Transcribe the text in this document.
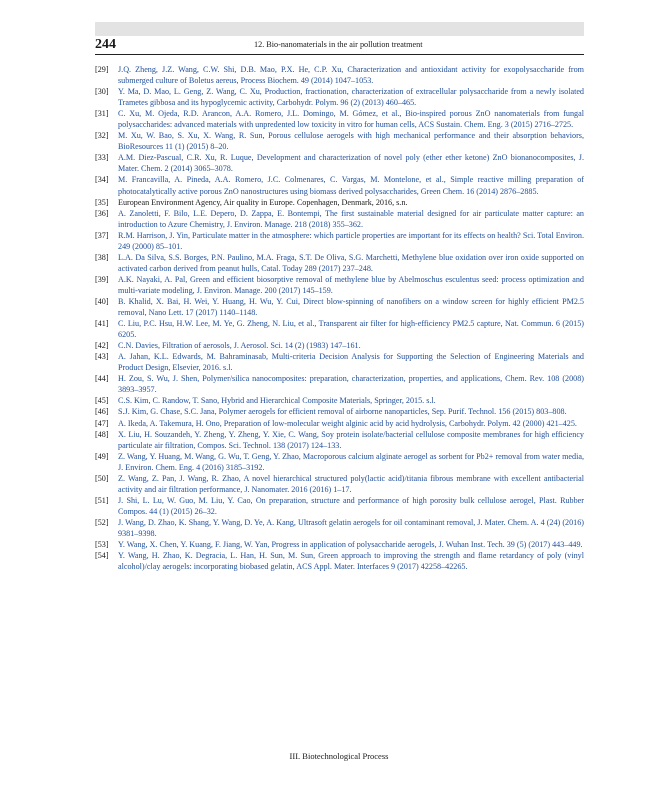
244	12. Bio-nanomaterials in the air pollution treatment
[29] J.Q. Zheng, J.Z. Wang, C.W. Shi, D.B. Mao, P.X. He, C.P. Xu, Characterization and antioxidant activity for exopolysaccharide from submerged culture of Boletus aereus, Process Biochem. 49 (2014) 1047–1053.
[30] Y. Ma, D. Mao, L. Geng, Z. Wang, C. Xu, Production, fractionation, characterization of extracellular polysaccharide from a newly isolated Trametes gibbosa and its hypoglycemic activity, Carbohydr. Polym. 96 (2) (2013) 460–465.
[31] C. Xu, M. Ojeda, R.D. Arancon, A.A. Romero, J.L. Domingo, M. Gómez, et al., Bio-inspired porous ZnO nanomaterials from fungal polysaccharides: advanced materials with unpredented low toxicity in vitro for human cells, ACS Sustain. Chem. Eng. 3 (2015) 2716–2725.
[32] M. Xu, W. Bao, S. Xu, X. Wang, R. Sun, Porous cellulose aerogels with high mechanical performance and their absorption behaviors, BioResources 11 (1) (2015) 8–20.
[33] A.M. Diez-Pascual, C.R. Xu, R. Luque, Development and characterization of novel poly (ether ether ketone) ZnO bionanocomposites, J. Mater. Chem. 2 (2014) 3065–3078.
[34] M. Francavilla, A. Pineda, A.A. Romero, J.C. Colmenares, C. Vargas, M. Montelone, et al., Simple reactive milling preparation of photocatalytically active porous ZnO nanostructures using biomass derived polysaccharides, Green Chem. 16 (2014) 2876–2885.
[35] European Environment Agency, Air quality in Europe. Copenhagen, Denmark, 2016, s.n.
[36] A. Zanoletti, F. Bilo, L.E. Depero, D. Zappa, E. Bontempi, The first sustainable material designed for air particulate matter capture: an introduction to Azure Chemistry, J. Environ. Manage. 218 (2018) 355–362.
[37] R.M. Harrison, J. Yin, Particulate matter in the atmosphere: which particle properties are important for its effects on health? Sci. Total Environ. 249 (2000) 85–101.
[38] L.A. Da Silva, S.S. Borges, P.N. Paulino, M.A. Fraga, S.T. De Oliva, S.G. Marchetti, Methylene blue oxidation over iron oxide supported on activated carbon derived from peanut hulls, Catal. Today 289 (2017) 237–248.
[39] A.K. Nayaki, A. Pal, Green and efficient biosorptive removal of methylene blue by Abelmoschus esculentus seed: process optimization and multi-variate modeling, J. Environ. Manage. 200 (2017) 145–159.
[40] B. Khalid, X. Bai, H. Wei, Y. Huang, H. Wu, Y. Cui, Direct blow-spinning of nanofibers on a window screen for highly efficient PM2.5 removal, Nano Lett. 17 (2017) 1140–1148.
[41] C. Liu, P.C. Hsu, H.W. Lee, M. Ye, G. Zheng, N. Liu, et al., Transparent air filter for high-efficiency PM2.5 capture, Nat. Commun. 6 (2015) 6205.
[42] C.N. Davies, Filtration of aerosols, J. Aerosol. Sci. 14 (2) (1983) 147–161.
[43] A. Jahan, K.L. Edwards, M. Bahraminasab, Multi-criteria Decision Analysis for Supporting the Selection of Engineering Materials and Product Design, Elsevier, 2016. s.l.
[44] H. Zou, S. Wu, J. Shen, Polymer/silica nanocomposites: preparation, characterization, properties, and applications, Chem. Rev. 108 (2008) 3893–3957.
[45] C.S. Kim, C. Randow, T. Sano, Hybrid and Hierarchical Composite Materials, Springer, 2015. s.l.
[46] S.J. Kim, G. Chase, S.C. Jana, Polymer aerogels for efficient removal of airborne nanoparticles, Sep. Purif. Technol. 156 (2015) 803–808.
[47] A. Ikeda, A. Takemura, H. Ono, Preparation of low-molecular weight alginic acid by acid hydrolysis, Carbohydr. Polym. 42 (2000) 421–425.
[48] X. Liu, H. Souzandeh, Y. Zheng, Y. Zheng, Y. Xie, C. Wang, Soy protein isolate/bacterial cellulose composite membranes for high efficiency particulate air filtration, Compos. Sci. Technol. 138 (2017) 124–133.
[49] Z. Wang, Y. Huang, M. Wang, G. Wu, T. Geng, Y. Zhao, Macroporous calcium alginate aerogel as sorbent for Pb2+ removal from water media, J. Environ. Chem. Eng. 4 (2016) 3185–3192.
[50] Z. Wang, Z. Pan, J. Wang, R. Zhao, A novel hierarchical structured poly(lactic acid)/titania fibrous membrane with excellent antibacterial activity and air filtration performance, J. Nanomater. 2016 (2016) 1–17.
[51] J. Shi, L. Lu, W. Guo, M. Liu, Y. Cao, On preparation, structure and performance of high porosity bulk cellulose aerogel, Plast. Rubber Compos. 44 (1) (2015) 26–32.
[52] J. Wang, D. Zhao, K. Shang, Y. Wang, D. Ye, A. Kang, Ultrasoft gelatin aerogels for oil contaminant removal, J. Mater. Chem. A. 4 (24) (2016) 9381–9398.
[53] Y. Wang, X. Chen, Y. Kuang, F. Jiang, W. Yan, Progress in application of polysaccharide aerogels, J. Wuhan Inst. Tech. 39 (5) (2017) 443–449.
[54] Y. Wang, H. Zhao, K. Degracia, L. Han, H. Sun, M. Sun, Green approach to improving the strength and flame retardancy of poly (vinyl alcohol)/clay aerogels: incorporating biobased gelatin, ACS Appl. Mater. Interfaces 9 (2017) 42258–42265.
III. Biotechnological Process
